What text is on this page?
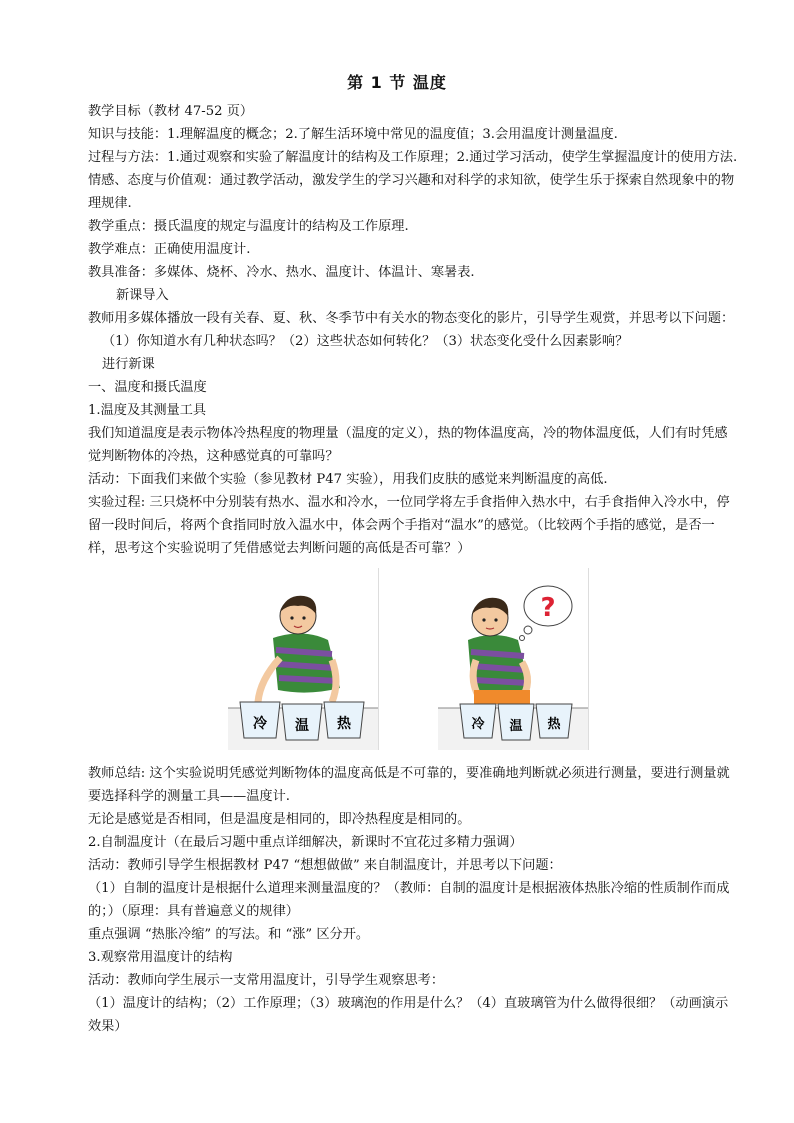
第 1 节 温度

教学目标（教材 47-52 页）

知识与技能：1.理解温度的概念；2.了解生活环境中常见的温度值；3.会用温度计测量温度.

过程与方法：1.通过观察和实验了解温度计的结构及工作原理；2.通过学习活动，使学生掌握温度计的使用方法.

情感、态度与价值观：通过教学活动，激发学生的学习兴趣和对科学的求知欲，使学生乐于探索自然现象中的物理规律.

教学重点：摄氏温度的规定与温度计的结构及工作原理.

教学难点：正确使用温度计.

教具准备：多媒体、烧杯、冷水、热水、温度计、体温计、寒暑表.

新课导入

教师用多媒体播放一段有关春、夏、秋、冬季节中有关水的物态变化的影片，引导学生观赏，并思考以下问题：

（1）你知道水有几种状态吗？（2）这些状态如何转化？（3）状态变化受什么因素影响？

进行新课

一、温度和摄氏温度

1.温度及其测量工具

我们知道温度是表示物体冷热程度的物理量（温度的定义），热的物体温度高，冷的物体温度低，人们有时凭感觉判断物体的冷热，这种感觉真的可靠吗？

活动：下面我们来做个实验（参见教材 P47 实验），用我们皮肤的感觉来判断温度的高低.

实验过程: 三只烧杯中分别装有热水、温水和冷水，一位同学将左手食指伸入热水中，右手食指伸入冷水中，停留一段时间后，将两个食指同时放入温水中，体会两个手指对“温水”的感觉。（比较两个手指的感觉，是否一样，思考这个实验说明了凭借感觉去判断问题的高低是否可靠？）

冷 温 热
?
冷 温 热

教师总结: 这个实验说明凭感觉判断物体的温度高低是不可靠的，要准确地判断就必须进行测量，要进行测量就要选择科学的测量工具——温度计.

无论是感觉是否相同，但是温度是相同的，即冷热程度是相同的。

2.自制温度计（在最后习题中重点详细解决，新课时不宜花过多精力强调）

活动：教师引导学生根据教材 P47 “想想做做” 来自制温度计，并思考以下问题：

（1）自制的温度计是根据什么道理来测量温度的？（教师：自制的温度计是根据液体热胀冷缩的性质制作而成的；）（原理：具有普遍意义的规律）

重点强调 “热胀冷缩” 的写法。和 “涨” 区分开。

3.观察常用温度计的结构

活动：教师向学生展示一支常用温度计，引导学生观察思考：

（1）温度计的结构；（2）工作原理；（3）玻璃泡的作用是什么？（4）直玻璃管为什么做得很细？（动画演示效果）
